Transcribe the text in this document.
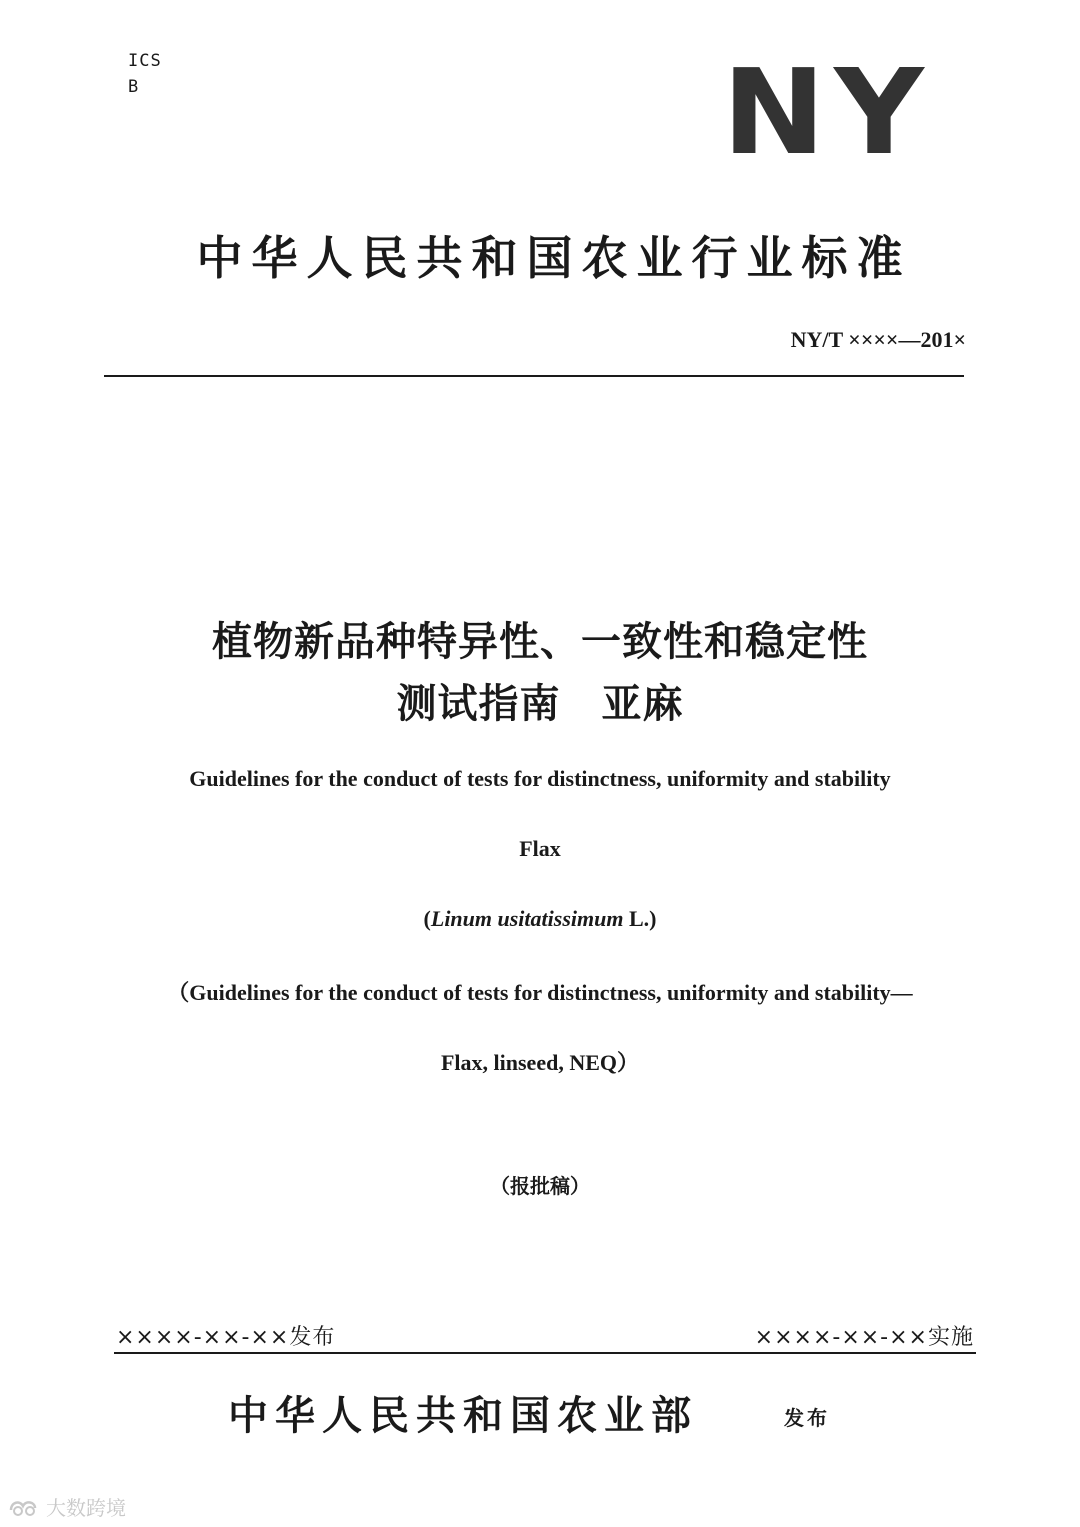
ICS
B	NY
中华人民共和国农业行业标准
NY/T ××××—201×
植物新品种特异性、一致性和稳定性
测试指南　亚麻
Guidelines for the conduct of tests for distinctness, uniformity and stability
Flax
(Linum usitatissimum L.)
（Guidelines for the conduct of tests for distinctness, uniformity and stability—
Flax, linseed, NEQ）
（报批稿）
××××-××-××发布	××××-××-××实施
中华人民共和国农业部	发布
大数跨境
